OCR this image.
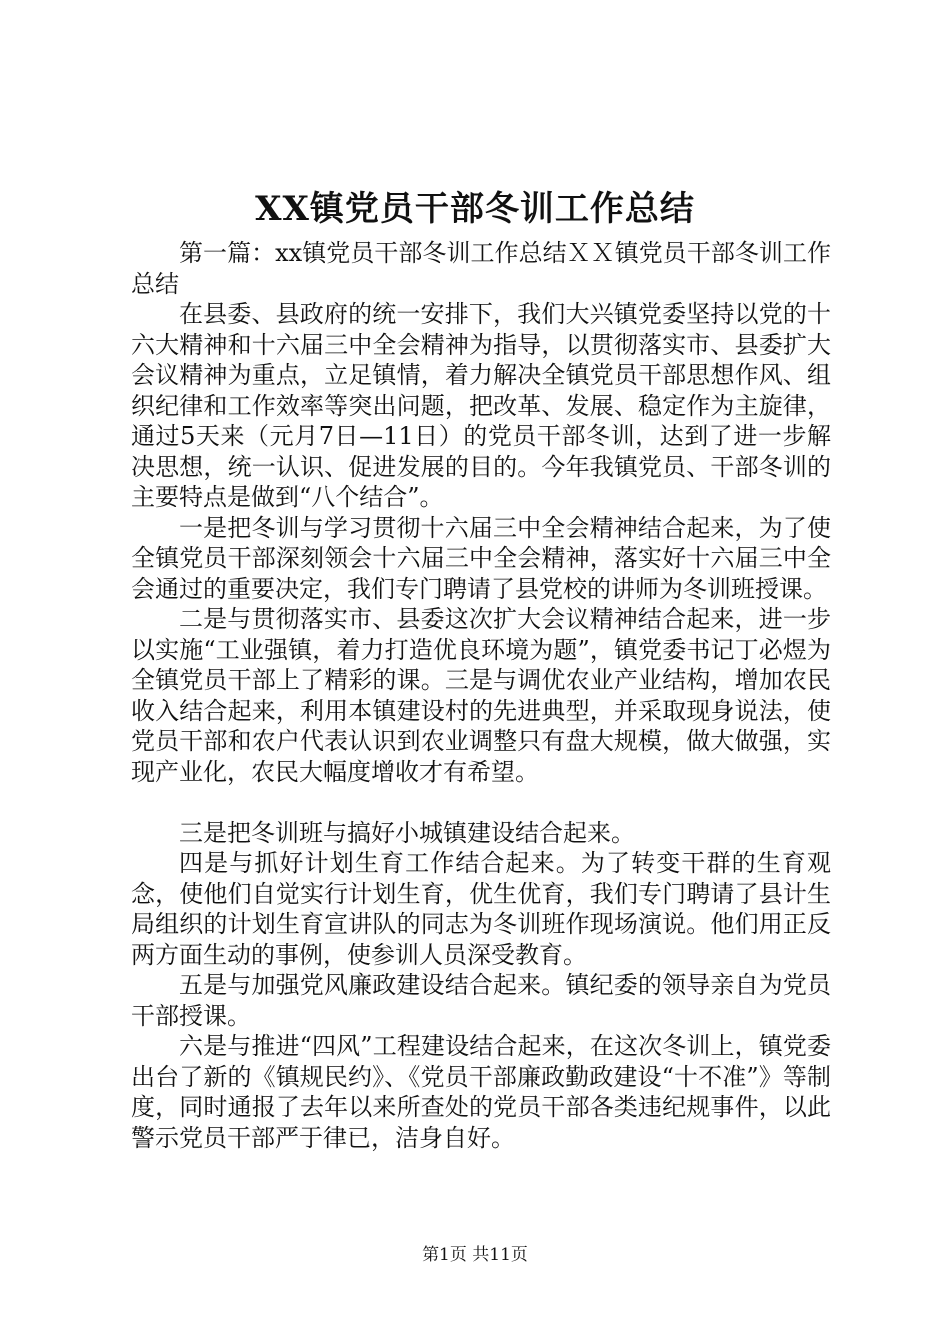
XX镇党员干部冬训工作总结

第一篇：xx镇党员干部冬训工作总结ＸＸ镇党员干部冬训工作总结

在县委、县政府的统一安排下，我们大兴镇党委坚持以党的十六大精神和十六届三中全会精神为指导，以贯彻落实市、县委扩大会议精神为重点，立足镇情，着力解决全镇党员干部思想作风、组织纪律和工作效率等突出问题，把改革、发展、稳定作为主旋律，通过5天来（元月7日—11日）的党员干部冬训，达到了进一步解决思想，统一认识、促进发展的目的。今年我镇党员、干部冬训的主要特点是做到“八个结合”。

一是把冬训与学习贯彻十六届三中全会精神结合起来，为了使全镇党员干部深刻领会十六届三中全会精神，落实好十六届三中全会通过的重要决定，我们专门聘请了县党校的讲师为冬训班授课。

二是与贯彻落实市、县委这次扩大会议精神结合起来，进一步以实施“工业强镇，着力打造优良环境为题”，镇党委书记丁必煜为全镇党员干部上了精彩的课。三是与调优农业产业结构，增加农民收入结合起来，利用本镇建设村的先进典型，并采取现身说法，使党员干部和农户代表认识到农业调整只有盘大规模，做大做强，实现产业化，农民大幅度增收才有希望。

三是把冬训班与搞好小城镇建设结合起来。

四是与抓好计划生育工作结合起来。为了转变干群的生育观念，使他们自觉实行计划生育，优生优育，我们专门聘请了县计生局组织的计划生育宣讲队的同志为冬训班作现场演说。他们用正反两方面生动的事例，使参训人员深受教育。

五是与加强党风廉政建设结合起来。镇纪委的领导亲自为党员干部授课。

六是与推进“四风”工程建设结合起来，在这次冬训上，镇党委出台了新的《镇规民约》、《党员干部廉政勤政建设“十不准”》等制度，同时通报了去年以来所查处的党员干部各类违纪规事件，以此警示党员干部严于律已，洁身自好。

第1页 共11页
